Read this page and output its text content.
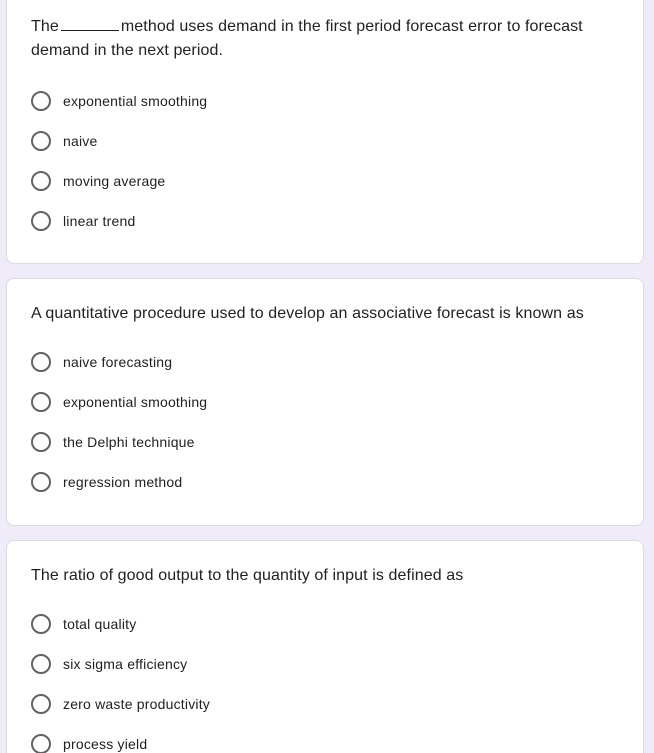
The	method uses demand in the first period forecast error to forecast demand in the next period.
exponential smoothing
naive
moving average
linear trend
A quantitative procedure used to develop an associative forecast is known as
naive forecasting
exponential smoothing
the Delphi technique
regression method
The ratio of good output to the quantity of input is defined as
total quality
six sigma efficiency
zero waste productivity
process yield
